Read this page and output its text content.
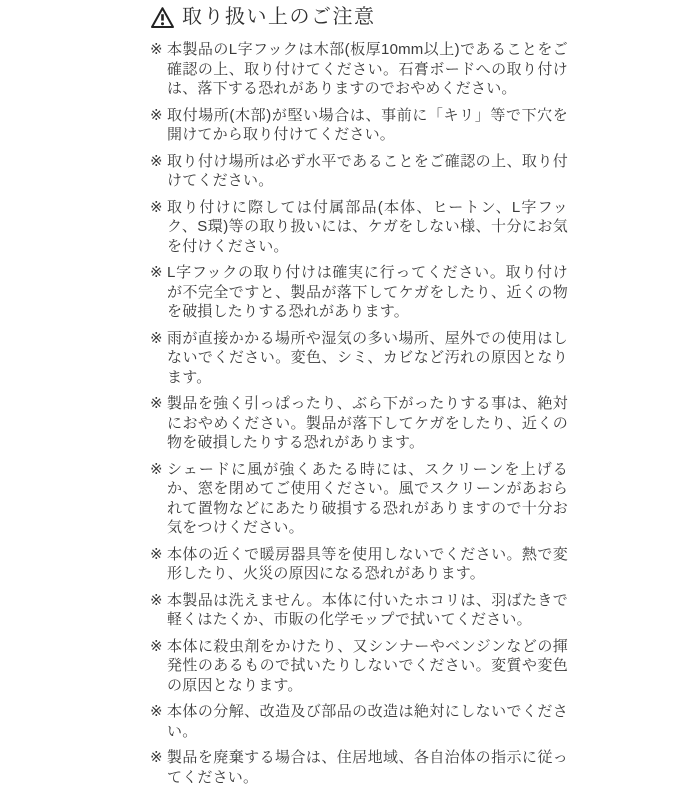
取り扱い上のご注意
※ 本製品のL字フックは木部(板厚10mm以上)であることをご確認の上、取り付けてください。石膏ボードへの取り付けは、落下する恐れがありますのでおやめください。
※ 取付場所(木部)が堅い場合は、事前に「キリ」等で下穴を開けてから取り付けてください。
※ 取り付け場所は必ず水平であることをご確認の上、取り付けてください。
※ 取り付けに際しては付属部品(本体、ヒートン、L字フック、S環)等の取り扱いには、ケガをしない様、十分にお気を付けください。
※ L字フックの取り付けは確実に行ってください。取り付けが不完全ですと、製品が落下してケガをしたり、近くの物を破損したりする恐れがあります。
※ 雨が直接かかる場所や湿気の多い場所、屋外での使用はしないでください。変色、シミ、カビなど汚れの原因となります。
※ 製品を強く引っぱったり、ぶら下がったりする事は、絶対におやめください。製品が落下してケガをしたり、近くの物を破損したりする恐れがあります。
※ シェードに風が強くあたる時には、スクリーンを上げるか、窓を閉めてご使用ください。風でスクリーンがあおられて置物などにあたり破損する恐れがありますので十分お気をつけください。
※ 本体の近くで暖房器具等を使用しないでください。熱で変形したり、火災の原因になる恐れがあります。
※ 本製品は洗えません。本体に付いたホコリは、羽ばたきで軽くはたくか、市販の化学モップで拭いてください。
※ 本体に殺虫剤をかけたり、又シンナーやベンジンなどの揮発性のあるもので拭いたりしないでください。変質や変色の原因となります。
※ 本体の分解、改造及び部品の改造は絶対にしないでください。
※ 製品を廃棄する場合は、住居地域、各自治体の指示に従ってください。
